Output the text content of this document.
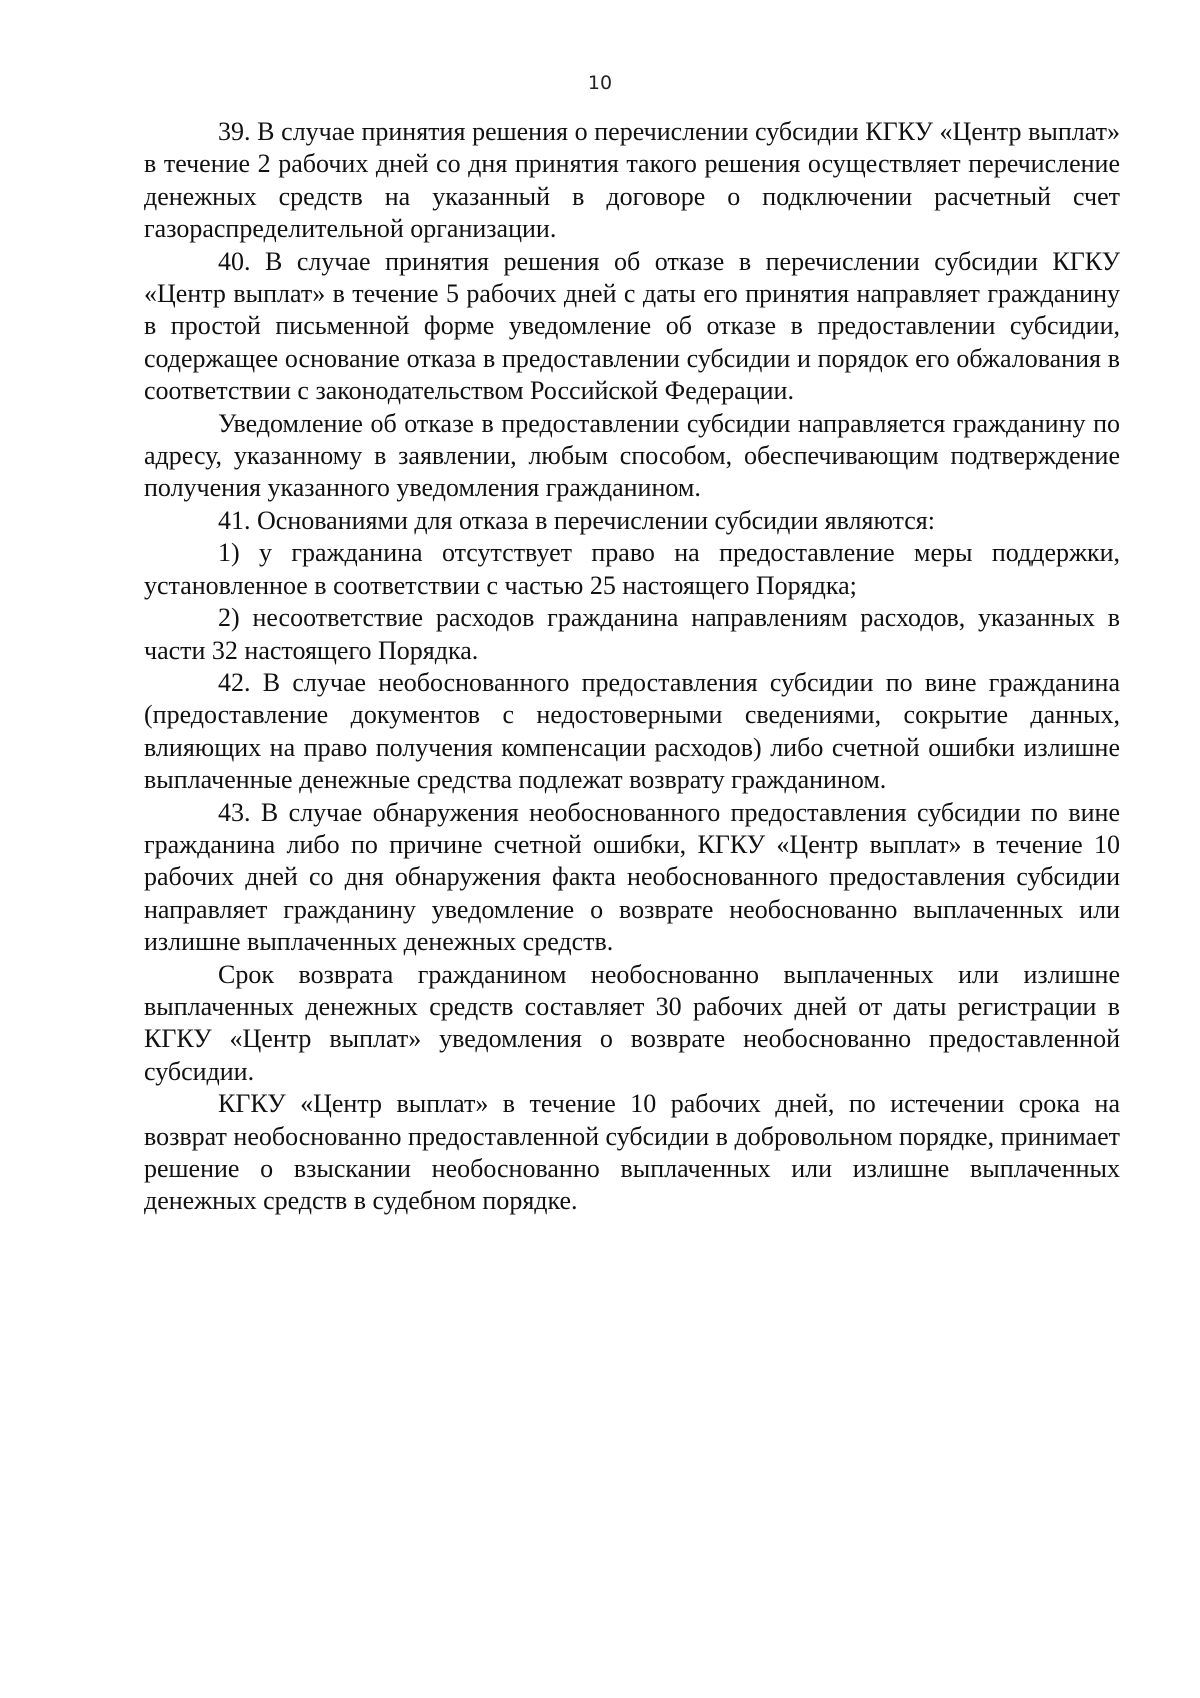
10

39. В случае принятия решения о перечислении субсидии КГКУ «Центр выплат» в течение 2 рабочих дней со дня принятия такого решения осуществляет перечисление денежных средств на указанный в договоре о подключении расчетный счет газораспределительной организации.

40. В случае принятия решения об отказе в перечислении субсидии КГКУ «Центр выплат» в течение 5 рабочих дней с даты его принятия направляет гражданину в простой письменной форме уведомление об отказе в предоставлении субсидии, содержащее основание отказа в предоставлении субсидии и порядок его обжалования в соответствии с законодательством Российской Федерации.

Уведомление об отказе в предоставлении субсидии направляется гражданину по адресу, указанному в заявлении, любым способом, обеспечивающим подтверждение получения указанного уведомления гражданином.

41. Основаниями для отказа в перечислении субсидии являются:

1) у гражданина отсутствует право на предоставление меры поддержки, установленное в соответствии с частью 25 настоящего Порядка;

2) несоответствие расходов гражданина направлениям расходов, указанных в части 32 настоящего Порядка.

42. В случае необоснованного предоставления субсидии по вине гражданина (предоставление документов с недостоверными сведениями, сокрытие данных, влияющих на право получения компенсации расходов) либо счетной ошибки излишне выплаченные денежные средства подлежат возврату гражданином.

43. В случае обнаружения необоснованного предоставления субсидии по вине гражданина либо по причине счетной ошибки, КГКУ «Центр выплат» в течение 10 рабочих дней со дня обнаружения факта необоснованного предоставления субсидии направляет гражданину уведомление о возврате необоснованно выплаченных или излишне выплаченных денежных средств.

Срок возврата гражданином необоснованно выплаченных или излишне выплаченных денежных средств составляет 30 рабочих дней от даты регистрации в КГКУ «Центр выплат» уведомления о возврате необоснованно предоставленной субсидии.

КГКУ «Центр выплат» в течение 10 рабочих дней, по истечении срока на возврат необоснованно предоставленной субсидии в добровольном порядке, принимает решение о взыскании необоснованно выплаченных или излишне выплаченных денежных средств в судебном порядке.
